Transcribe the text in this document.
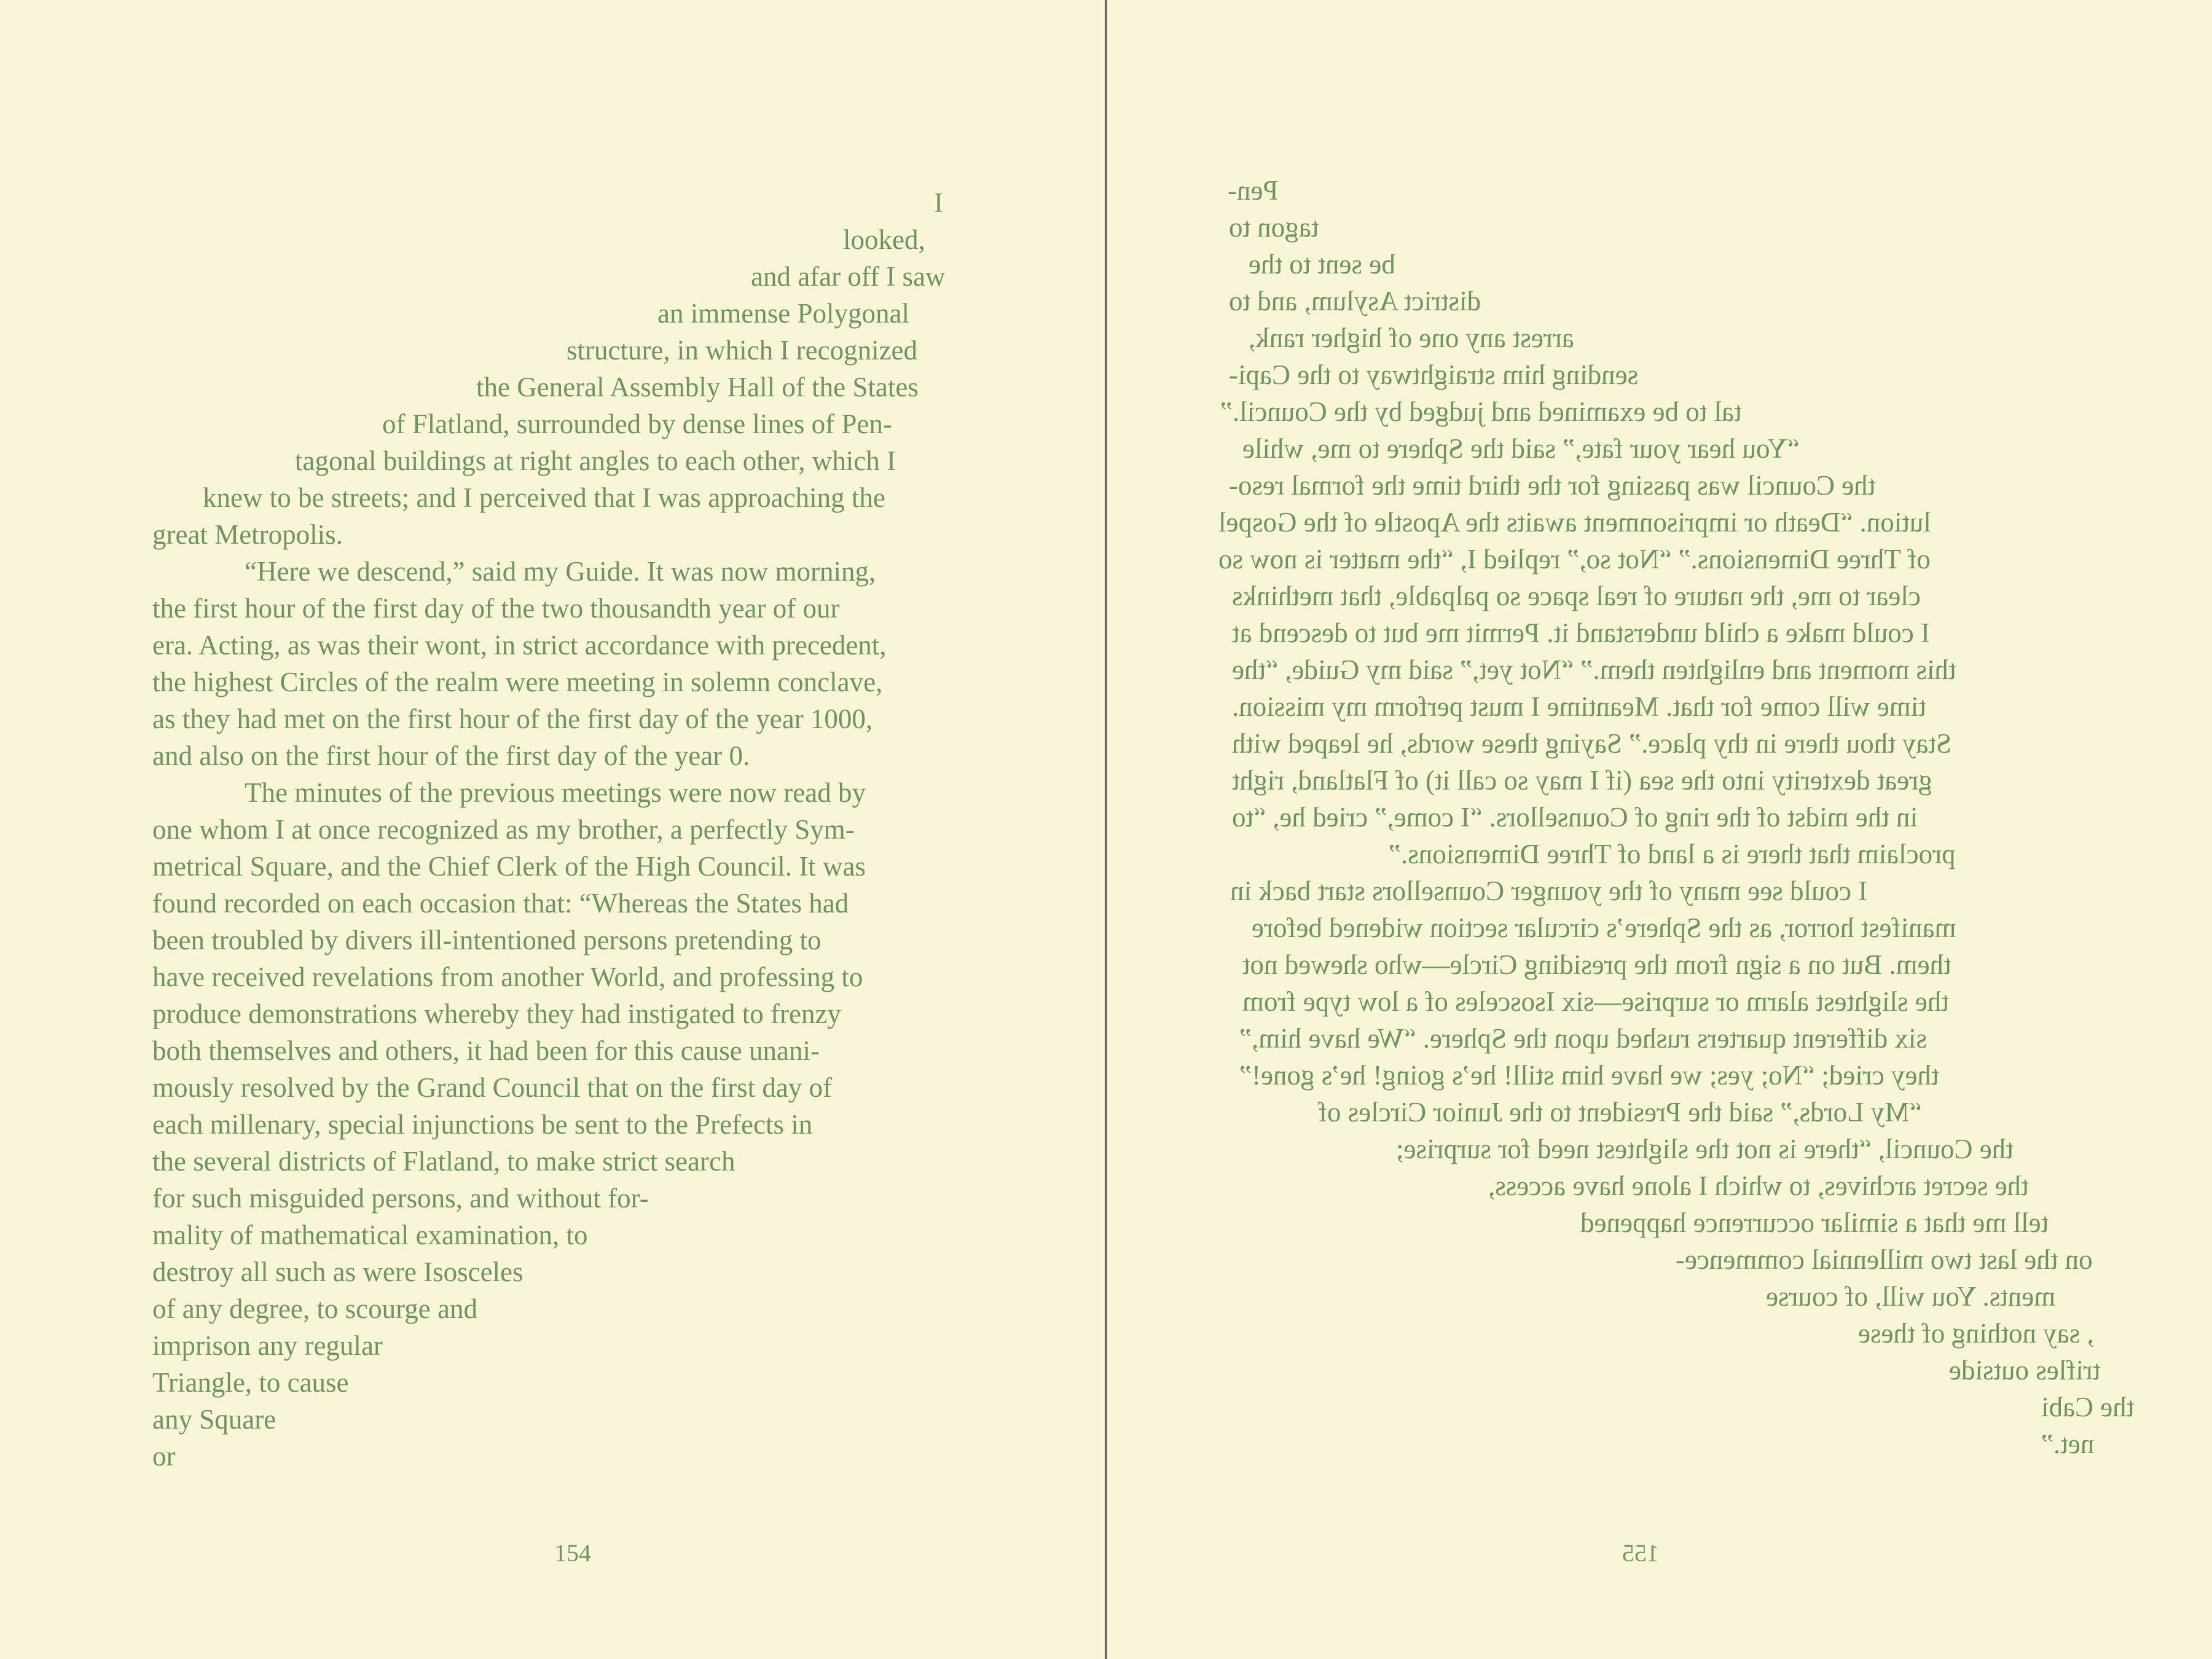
I
looked,
and afar off I saw
an immense Polygonal
structure, in which I recognized
the General Assembly Hall of the States
of Flatland, surrounded by dense lines of Pen-
tagonal buildings at right angles to each other, which I
knew to be streets; and I perceived that I was approaching the
great Metropolis.
“Here we descend,” said my Guide. It was now morning,
the first hour of the first day of the two thousandth year of our
era. Acting, as was their wont, in strict accordance with precedent,
the highest Circles of the realm were meeting in solemn conclave,
as they had met on the first hour of the first day of the year 1000,
and also on the first hour of the first day of the year 0.
The minutes of the previous meetings were now read by
one whom I at once recognized as my brother, a perfectly Sym-
metrical Square, and the Chief Clerk of the High Council. It was
found recorded on each occasion that: “Whereas the States had
been troubled by divers ill-intentioned persons pretending to
have received revelations from another World, and professing to
produce demonstrations whereby they had instigated to frenzy
both themselves and others, it had been for this cause unani-
mously resolved by the Grand Council that on the first day of
each millenary, special injunctions be sent to the Prefects in
the several districts of Flatland, to make strict search
for such misguided persons, and without for-
mality of mathematical examination, to
destroy all such as were Isosceles
of any degree, to scourge and
imprison any regular
Triangle, to cause
any Square
or
154
Pen-
tagon to
be sent to the
district Asylum, and to
arrest any one of higher rank,
sending him straightway to the Capi-
tal to be examined and judged by the Council.”
“You hear your fate,” said the Sphere to me, while
the Council was passing for the third time the formal reso-
lution. “Death or imprisonment awaits the Apostle of the Gospel
of Three Dimensions.” “Not so,” replied I, “the matter is now so
clear to me, the nature of real space so palpable, that methinks
I could make a child understand it. Permit me but to descend at
this moment and enlighten them.” “Not yet,” said my Guide, “the
time will come for that. Meantime I must perform my mission.
Stay thou there in thy place.” Saying these words, he leaped with
great dexterity into the sea (if I may so call it) of Flatland, right
in the midst of the ring of Counsellors. “I come,” cried he, “to
proclaim that there is a land of Three Dimensions.”
I could see many of the younger Counsellors start back in
manifest horror, as the Sphere’s circular section widened before
them. But on a sign from the presiding Circle—who shewed not
the slightest alarm or surprise—six Isosceles of a low type from
six different quarters rushed upon the Sphere. “We have him,”
they cried; “No; yes; we have him still! he’s going! he’s gone!”
“My Lords,” said the President to the Junior Circles of
the Council, “there is not the slightest need for surprise;
the secret archives, to which I alone have access,
tell me that a similar occurrence happened
on the last two millennial commence-
ments. You will, of course
, say nothing of these
trifles outside
the Cabi
net.”
155
